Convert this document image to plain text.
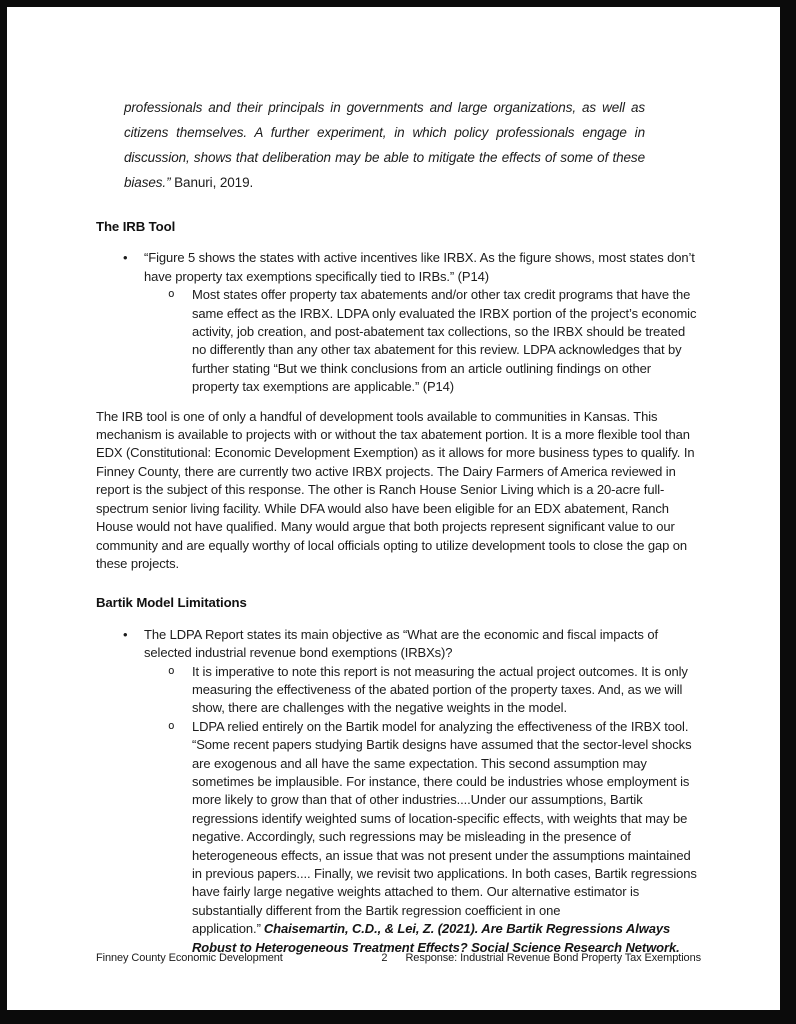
professionals and their principals in governments and large organizations, as well as citizens themselves. A further experiment, in which policy professionals engage in discussion, shows that deliberation may be able to mitigate the effects of some of these biases.” Banuri, 2019.
The IRB Tool
• “Figure 5 shows the states with active incentives like IRBX. As the figure shows, most states don’t have property tax exemptions specifically tied to IRBs.” (P14)
o Most states offer property tax abatements and/or other tax credit programs that have the same effect as the IRBX. LDPA only evaluated the IRBX portion of the project’s economic activity, job creation, and post-abatement tax collections, so the IRBX should be treated no differently than any other tax abatement for this review. LDPA acknowledges that by further stating “But we think conclusions from an article outlining findings on other property tax exemptions are applicable.” (P14)
The IRB tool is one of only a handful of development tools available to communities in Kansas. This mechanism is available to projects with or without the tax abatement portion. It is a more flexible tool than EDX (Constitutional: Economic Development Exemption) as it allows for more business types to qualify. In Finney County, there are currently two active IRBX projects. The Dairy Farmers of America reviewed in report is the subject of this response. The other is Ranch House Senior Living which is a 20-acre full-spectrum senior living facility. While DFA would also have been eligible for an EDX abatement, Ranch House would not have qualified. Many would argue that both projects represent significant value to our community and are equally worthy of local officials opting to utilize development tools to close the gap on these projects.
Bartik Model Limitations
• The LDPA Report states its main objective as “What are the economic and fiscal impacts of selected industrial revenue bond exemptions (IRBXs)?
o It is imperative to note this report is not measuring the actual project outcomes. It is only measuring the effectiveness of the abated portion of the property taxes. And, as we will show, there are challenges with the negative weights in the model.
o LDPA relied entirely on the Bartik model for analyzing the effectiveness of the IRBX tool. “Some recent papers studying Bartik designs have assumed that the sector-level shocks are exogenous and all have the same expectation. This second assumption may sometimes be implausible. For instance, there could be industries whose employment is more likely to grow than that of other industries....Under our assumptions, Bartik regressions identify weighted sums of location-specific effects, with weights that may be negative. Accordingly, such regressions may be misleading in the presence of heterogeneous effects, an issue that was not present under the assumptions maintained in previous papers.... Finally, we revisit two applications. In both cases, Bartik regressions have fairly large negative weights attached to them. Our alternative estimator is substantially different from the Bartik regression coefficient in one application.” Chaisemartin, C.D., & Lei, Z. (2021). Are Bartik Regressions Always Robust to Heterogeneous Treatment Effects? Social Science Research Network.
Finney County Economic Development	2 Response: Industrial Revenue Bond Property Tax Exemptions
